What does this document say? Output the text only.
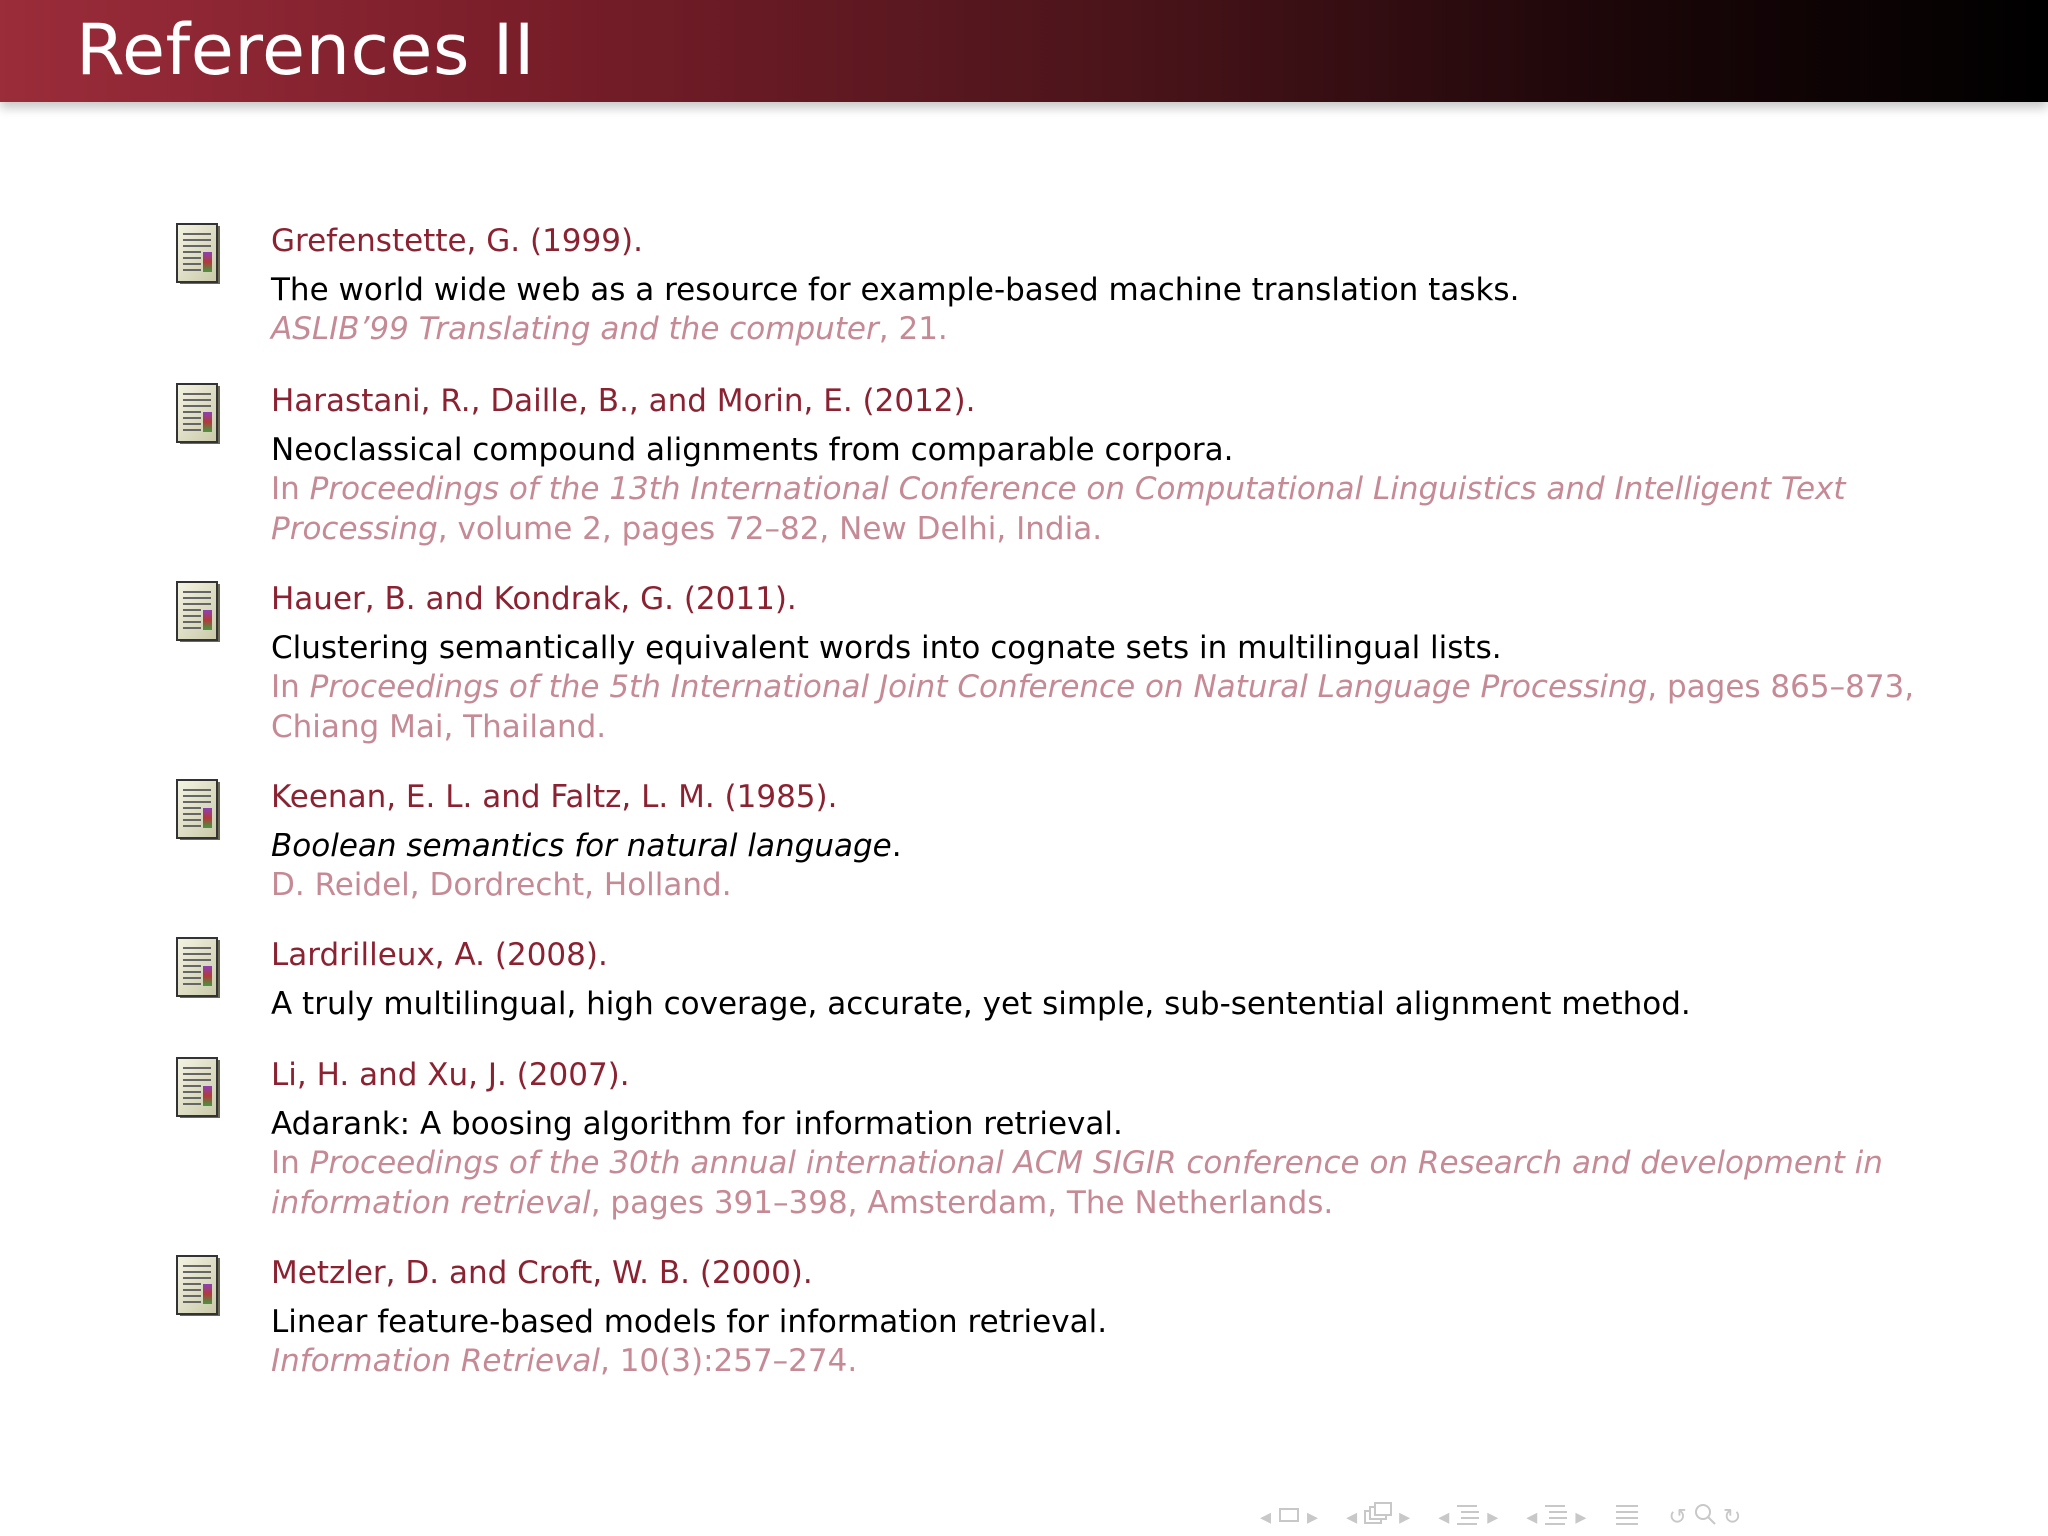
References II
Grefenstette, G. (1999).
The world wide web as a resource for example-based machine translation tasks.
ASLIB’99 Translating and the computer, 21.
Harastani, R., Daille, B., and Morin, E. (2012).
Neoclassical compound alignments from comparable corpora.
In Proceedings of the 13th International Conference on Computational Linguistics and Intelligent Text
Processing, volume 2, pages 72–82, New Delhi, India.
Hauer, B. and Kondrak, G. (2011).
Clustering semantically equivalent words into cognate sets in multilingual lists.
In Proceedings of the 5th International Joint Conference on Natural Language Processing, pages 865–873,
Chiang Mai, Thailand.
Keenan, E. L. and Faltz, L. M. (1985).
Boolean semantics for natural language.
D. Reidel, Dordrecht, Holland.
Lardrilleux, A. (2008).
A truly multilingual, high coverage, accurate, yet simple, sub-sentential alignment method.
Li, H. and Xu, J. (2007).
Adarank: A boosing algorithm for information retrieval.
In Proceedings of the 30th annual international ACM SIGIR conference on Research and development in
information retrieval, pages 391–398, Amsterdam, The Netherlands.
Metzler, D. and Croft, W. B. (2000).
Linear feature-based models for information retrieval.
Information Retrieval, 10(3):257–274.
◂ ▸ ◂ ▸ ◂ ▸ ◂ ▸	↺ ↻
